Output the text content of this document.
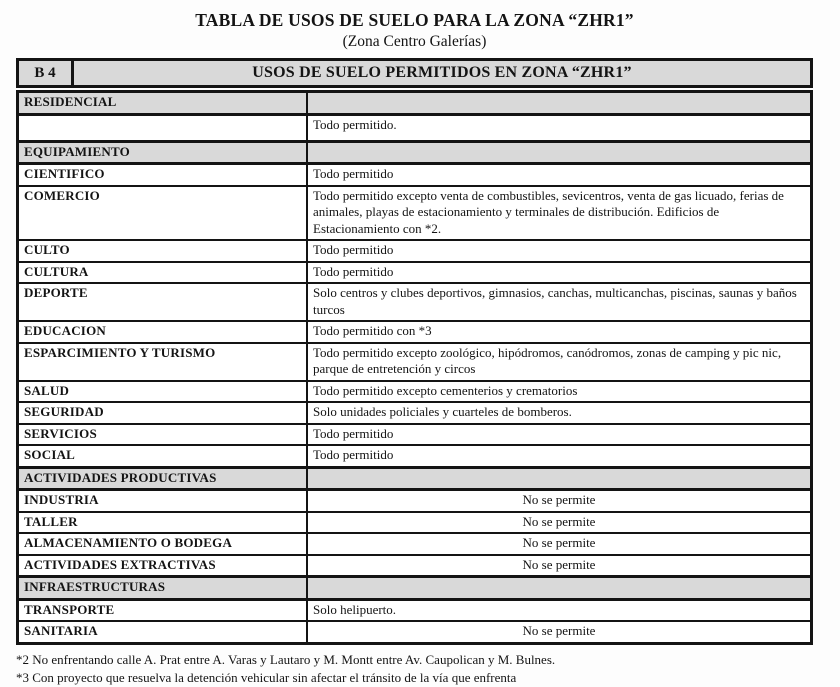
TABLA DE USOS DE SUELO PARA LA ZONA “ZHR1”
(Zona Centro Galerías)
B 4	USOS DE SUELO PERMITIDOS EN ZONA “ZHR1”
RESIDENCIAL	
	Todo permitido.
EQUIPAMIENTO	
CIENTIFICO	Todo permitido
COMERCIO	Todo permitido excepto venta de combustibles, sevicentros, venta de gas licuado, ferias de animales, playas de estacionamiento y terminales de distribución. Edificios de Estacionamiento con *2.
CULTO	Todo permitido
CULTURA	Todo permitido
DEPORTE	Solo centros y clubes deportivos, gimnasios, canchas, multicanchas, piscinas, saunas y baños turcos
EDUCACION	Todo permitido con *3
ESPARCIMIENTO Y TURISMO	Todo permitido excepto zoológico, hipódromos, canódromos, zonas de camping y pic nic, parque de entretención y circos
SALUD	Todo permitido excepto cementerios y crematorios
SEGURIDAD	Solo unidades policiales y cuarteles de bomberos.
SERVICIOS	Todo permitido
SOCIAL	Todo permitido
ACTIVIDADES PRODUCTIVAS	
INDUSTRIA	No se permite
TALLER	No se permite
ALMACENAMIENTO O BODEGA	No se permite
ACTIVIDADES EXTRACTIVAS	No se permite
INFRAESTRUCTURAS	
TRANSPORTE	Solo helipuerto.
SANITARIA	No se permite

*2 No enfrentando calle A. Prat entre A. Varas y Lautaro y M. Montt entre Av. Caupolican y M. Bulnes.

*3 Con proyecto que resuelva la detención vehicular sin afectar el tránsito de la vía que enfrenta
